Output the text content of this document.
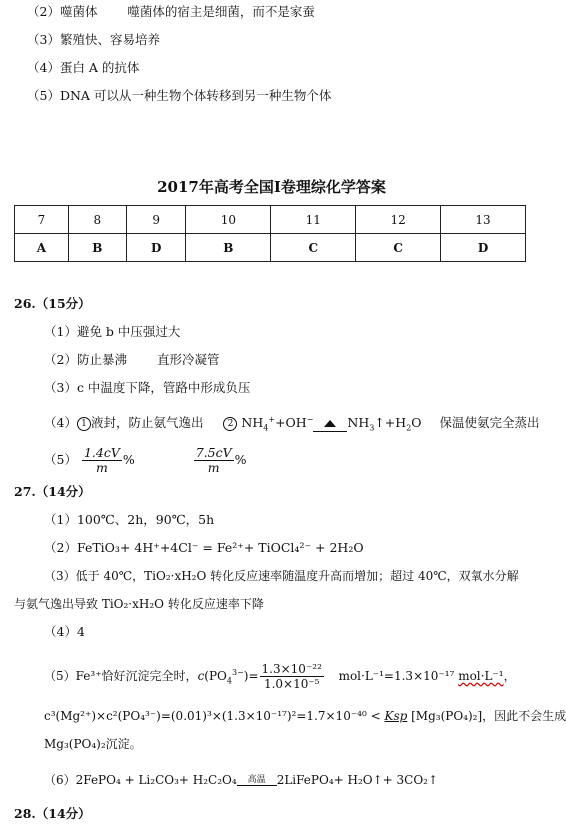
（2）噬菌体 噬菌体的宿主是细菌，而不是家蚕
（3）繁殖快、容易培养
（4）蛋白 A 的抗体
（5）DNA 可以从一种生物个体转移到另一种生物个体
2017年高考全国Ⅰ卷理综化学答案
7	8	9	10	11	12	13
A	B	D	B	C	C	D
26.（15分）
（1）避免 b 中压强过大
（2）防止暴沸 直形冷凝管
（3）c 中温度下降，管路中形成负压
（4） 1 液封，防止氨气逸出	2 $NH_4^++OH^-$	$NH_3↑+H_2O$ 保温使氨完全蒸出
$(5) \frac{1.4cV}{m}$ %	$\frac{7.5cV}{m}$ %
27.（14分）
（1）100℃、2h，90℃，5h
（2）FeTiO₃+ 4H⁺+4Cl⁻ = Fe²⁺+ TiOCl₄²⁻ + 2H₂O
（3）低于 40℃，TiO₂·xH₂O 转化反应速率随温度升高而增加；超过 40℃，双氧水分解
与氨气逸出导致 TiO₂·xH₂O 转化反应速率下降
（4）4
（5）Fe³⁺恰好沉淀完全时，$c(PO_4^{3-})= \frac{\text{1.3×10⁻²²}}{\text{1.0×10⁻⁵}} mol\cdot L^{-1}=1.3\times 10^{-17}$ mol·L⁻¹，
c³(Mg²⁺)×c²(PO₄³⁻)=(0.01)³×(1.3×10⁻¹⁷)²=1.7×10⁻⁴⁰ < Ksp [Mg₃(PO₄)₂]，因此不会生成
Mg₃(PO₄)₂沉淀。
（6）2FePO₄ + Li₂CO₃+ H₂C₂O₄	高温 2LiFePO₄+ H₂O↑+ 3CO₂↑
28.（14分）
